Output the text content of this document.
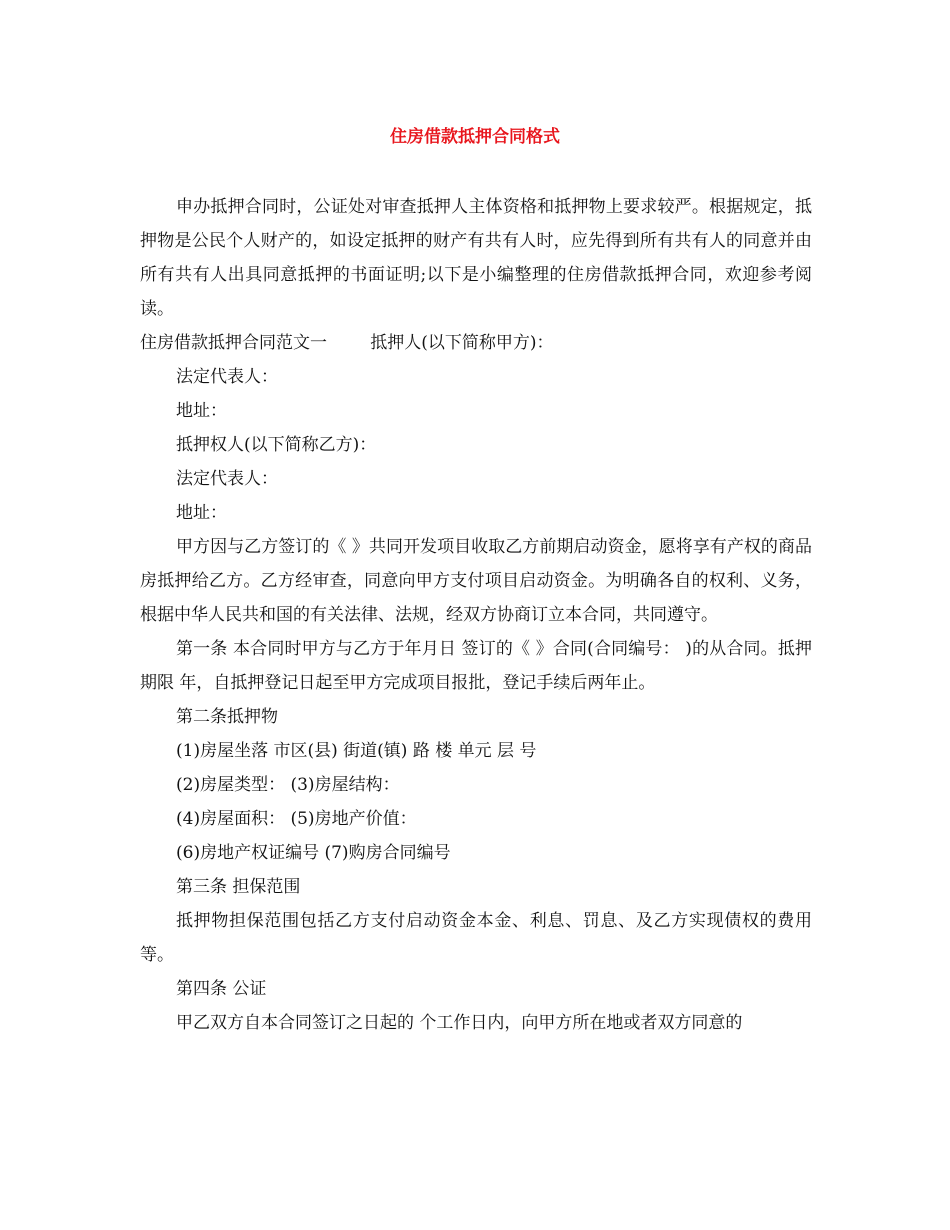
住房借款抵押合同格式

申办抵押合同时，公证处对审查抵押人主体资格和抵押物上要求较严。根据规定，抵押物是公民个人财产的，如设定抵押的财产有共有人时，应先得到所有共有人的同意并由所有共有人出具同意抵押的书面证明;以下是小编整理的住房借款抵押合同，欢迎参考阅读。

住房借款抵押合同范文一        抵押人(以下简称甲方)：

法定代表人：

地址：

抵押权人(以下简称乙方)：

法定代表人：

地址：

甲方因与乙方签订的《 》共同开发项目收取乙方前期启动资金，愿将享有产权的商品房抵押给乙方。乙方经审查，同意向甲方支付项目启动资金。为明确各自的权利、义务，根据中华人民共和国的有关法律、法规，经双方协商订立本合同，共同遵守。

第一条 本合同时甲方与乙方于年月日 签订的《 》合同(合同编号： )的从合同。抵押期限 年，自抵押登记日起至甲方完成项目报批，登记手续后两年止。

第二条抵押物

(1)房屋坐落 市区(县) 街道(镇) 路 楼 单元 层 号

(2)房屋类型： (3)房屋结构：

(4)房屋面积： (5)房地产价值：

(6)房地产权证编号 (7)购房合同编号

第三条 担保范围

抵押物担保范围包括乙方支付启动资金本金、利息、罚息、及乙方实现债权的费用等。

第四条 公证

甲乙双方自本合同签订之日起的 个工作日内，向甲方所在地或者双方同意的
